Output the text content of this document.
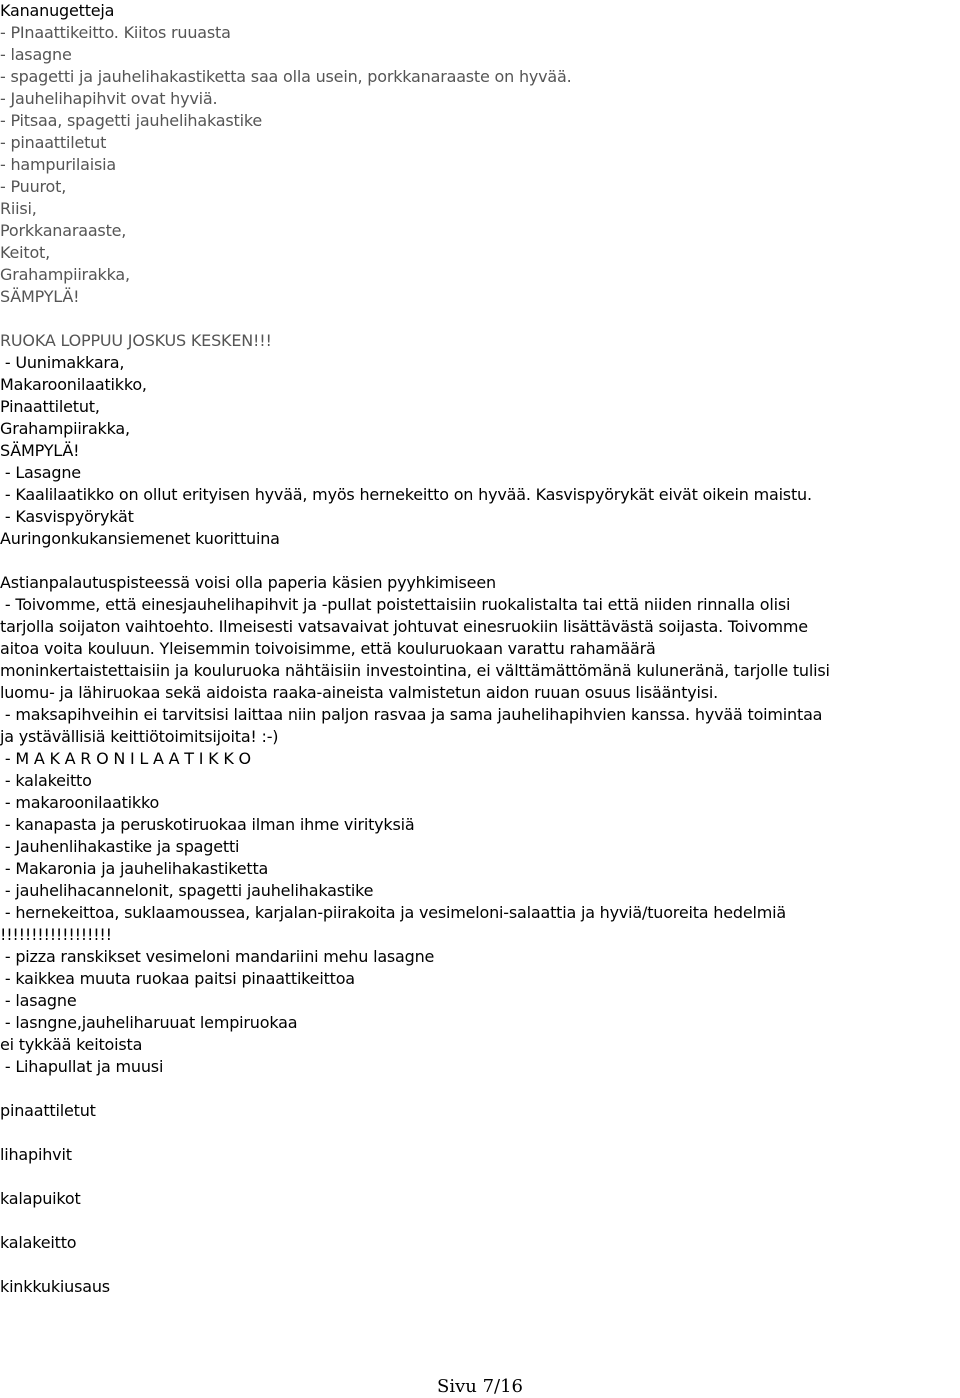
Kananugetteja
- PInaattikeitto. Kiitos ruuasta
- lasagne
- spagetti ja jauhelihakastiketta saa olla usein, porkkanaraaste on hyvää.
- Jauhelihapihvit ovat hyviä.
- Pitsaa, spagetti jauhelihakastike
- pinaattiletut
- hampurilaisia
- Puurot,
Riisi,
Porkkanaraaste,
Keitot,
Grahampiirakka,
SÄMPYLÄ!
RUOKA LOPPUU JOSKUS KESKEN!!!
- Uunimakkara,
Makaroonilaatikko,
Pinaattiletut,
Grahampiirakka,
SÄMPYLÄ!
- Lasagne
- Kaalilaatikko on ollut erityisen hyvää, myös hernekeitto on hyvää. Kasvispyörykät eivät oikein maistu.
- Kasvispyörykät
Auringonkukansiemenet kuorittuina
Astianpalautuspisteessä voisi olla paperia käsien pyyhkimiseen
- Toivomme, että einesjauhelihapihvit ja -pullat poistettaisiin ruokalistalta tai että niiden rinnalla olisi
tarjolla soijaton vaihtoehto. Ilmeisesti vatsavaivat johtuvat einesruokiin lisättävästä soijasta. Toivomme
aitoa voita kouluun. Yleisemmin toivoisimme, että kouluruokaan varattu rahamäärä
moninkertaistettaisiin ja kouluruoka nähtäisiin investointina, ei välttämättömänä kuluneränä, tarjolle tulisi
luomu- ja lähiruokaa sekä aidoista raaka-aineista valmistetun aidon ruuan osuus lisääntyisi.
- maksapihveihin ei tarvitsisi laittaa niin paljon rasvaa ja sama jauhelihapihvien kanssa. hyvää toimintaa
ja ystävällisiä keittiötoimitsijoita! :-)
- M A K A R O N I L A A T I K K O
- kalakeitto
- makaroonilaatikko
- kanapasta ja peruskotiruokaa ilman ihme virityksiä
- Jauhenlihakastike ja spagetti
- Makaronia ja jauhelihakastiketta
- jauhelihacannelonit, spagetti jauhelihakastike
- hernekeittoa, suklaamoussea, karjalan-piirakoita ja vesimeloni-salaattia ja hyviä/tuoreita hedelmiä
!!!!!!!!!!!!!!!!!!
- pizza ranskikset vesimeloni mandariini mehu lasagne
- kaikkea muuta ruokaa paitsi pinaattikeittoa
- lasagne
- lasngne,jauheliharuuat lempiruokaa
ei tykkää keitoista
- Lihapullat ja muusi
pinaattiletut
lihapihvit
kalapuikot
kalakeitto
kinkkukiusaus
Sivu 7/16
